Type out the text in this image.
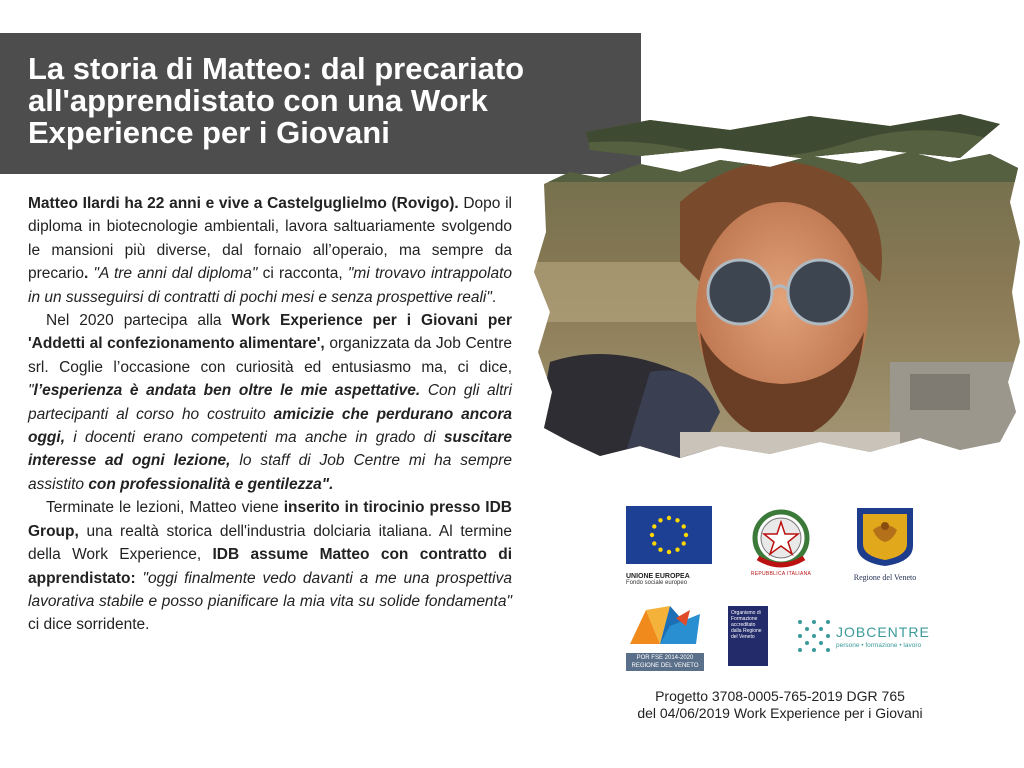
La storia di Matteo: dal precariato all'apprendistato con una Work Experience per i Giovani

Matteo Ilardi ha 22 anni e vive a Castelguglielmo (Rovigo). Dopo il diploma in biotecnologie ambientali, lavora saltuariamente svolgendo le mansioni più diverse, dal fornaio all’operaio, ma sempre da precario. "A tre anni dal diploma" ci racconta, "mi trovavo intrappolato in un susseguirsi di contratti di pochi mesi e senza prospettive reali".

Nel 2020 partecipa alla Work Experience per i Giovani per 'Addetti al confezionamento alimentare', organizzata da Job Centre srl. Coglie l’occasione con curiosità ed entusiasmo ma, ci dice, "l’esperienza è andata ben oltre le mie aspettative. Con gli altri partecipanti al corso ho costruito amicizie che perdurano ancora oggi, i docenti erano competenti ma anche in grado di suscitare interesse ad ogni lezione, lo staff di Job Centre mi ha sempre assistito con professionalità e gentilezza".

Terminate le lezioni, Matteo viene inserito in tirocinio presso IDB Group, una realtà storica dell'industria dolciaria italiana. Al termine della Work Experience, IDB assume Matteo con contratto di apprendistato: "oggi finalmente vedo davanti a me una prospettiva lavorativa stabile e posso pianificare la mia vita su solide fondamenta" ci dice sorridente.

UNIONE EUROPEA
Fondo sociale europeo
REPUBBLICA ITALIANA	Regione del Veneto
POR FSE 2014-2020
REGIONE DEL VENETO
Organismo di Formazione accreditato dalla Regione del Veneto	JOBCENTRE
persone • formazione • lavoro
Progetto 3708-0005-765-2019 DGR 765
del 04/06/2019 Work Experience per i Giovani
